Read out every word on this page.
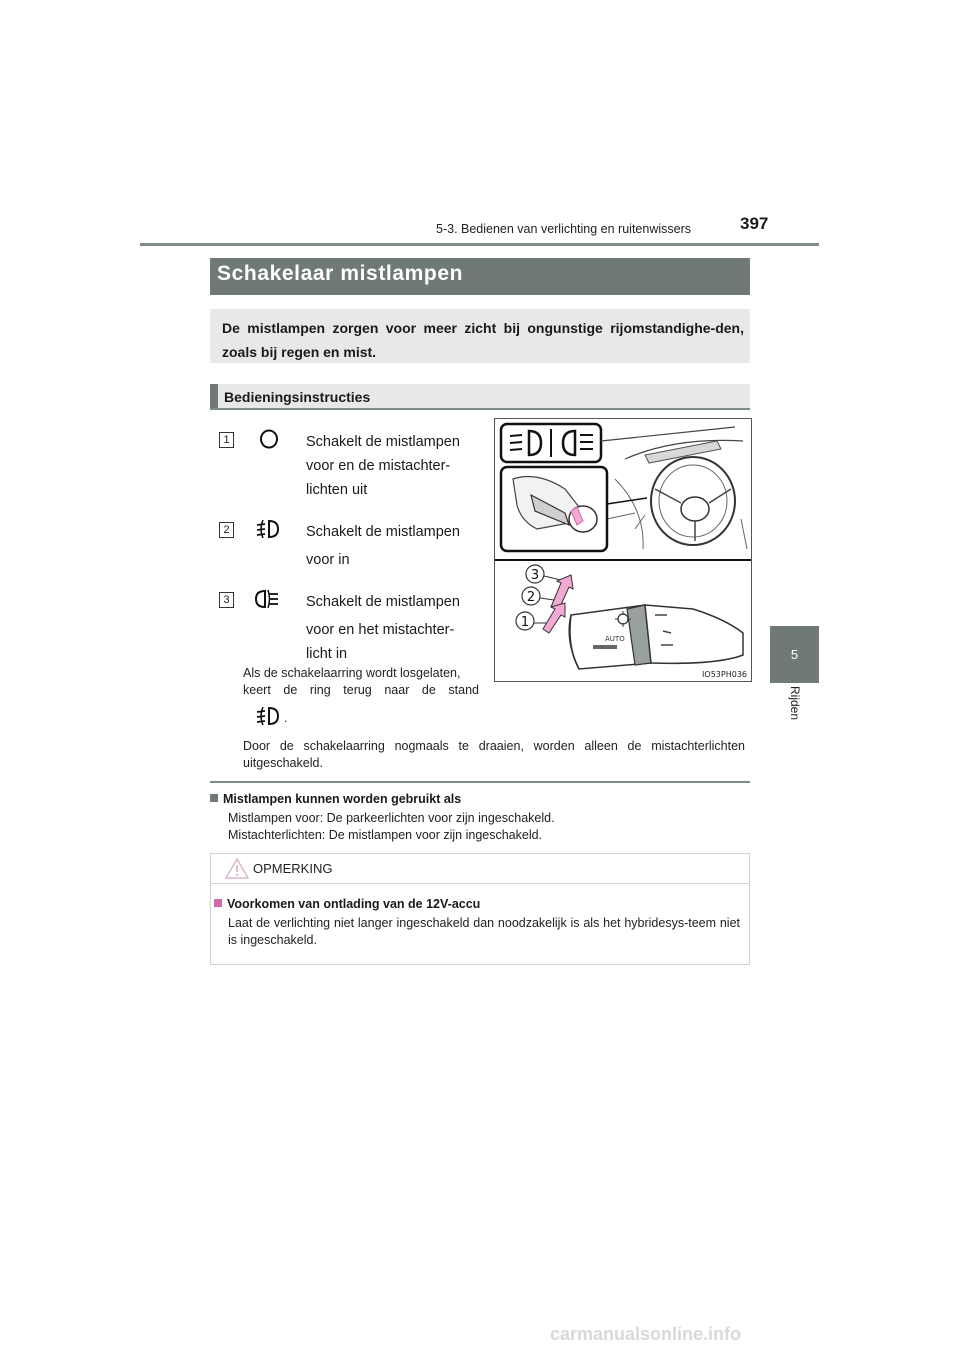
397
5-3. Bedienen van verlichting en ruitenwissers
5
Rijden
Schakelaar mistlampen
De mistlampen zorgen voor meer zicht bij ongunstige rijomstandighe-den, zoals bij regen en mist.
Bedieningsinstructies
1	Schakelt de mistlampen
voor en de mistachter-
lichten uit
2	Schakelt de mistlampen
voor in
3	Schakelt de mistlampen
voor en het mistachter-
licht in
Als de schakelaarring wordt losgelaten,
keert de ring terug naar de stand
.
Door de schakelaarring nogmaals te draaien, worden alleen de mistachterlichten uitgeschakeld.
AUTO
3
2
1
IO53PH036
Mistlampen kunnen worden gebruikt als
Mistlampen voor: De parkeerlichten voor zijn ingeschakeld.
Mistachterlichten: De mistlampen voor zijn ingeschakeld.
OPMERKING
Voorkomen van ontlading van de 12V-accu
Laat de verlichting niet langer ingeschakeld dan noodzakelijk is als het hybridesys-teem niet is ingeschakeld.
carmanualsonline.info
